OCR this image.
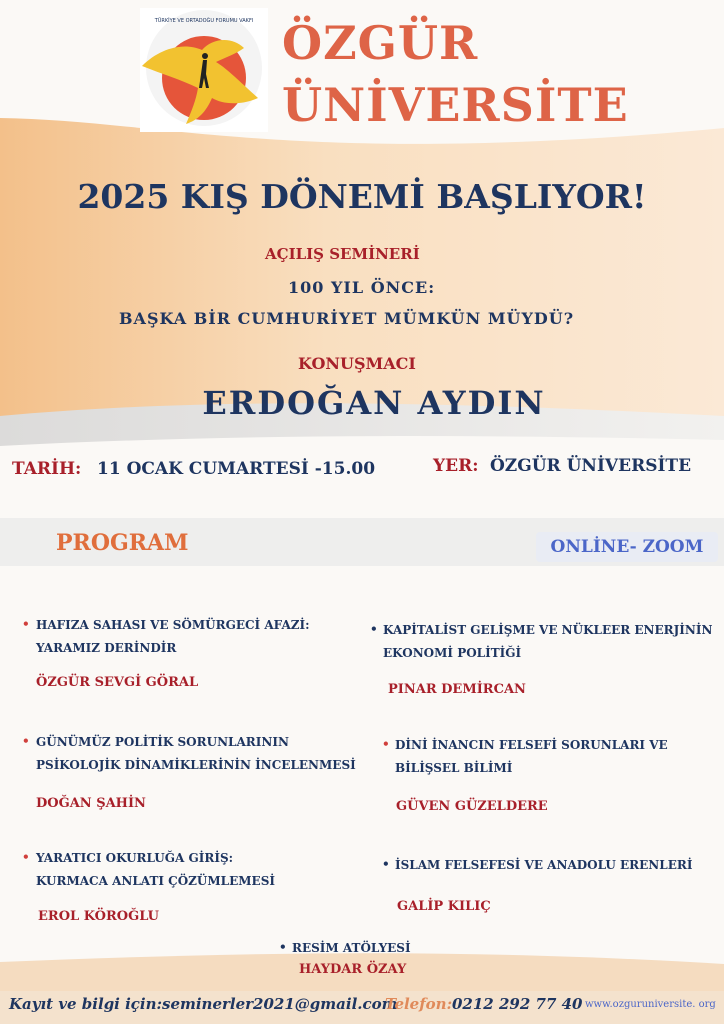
TÜRKİYE VE ORTADOĞU FORUMU VAKFI ÖZGÜR
ÜNİVERSİTE
2025 KIŞ DÖNEMİ BAŞLIYOR!
AÇILIŞ SEMİNERİ
100 YIL ÖNCE:
BAŞKA BİR CUMHURİYET MÜMKÜN MÜYDÜ?
KONUŞMACI
ERDOĞAN AYDIN
TARİH: 11 OCAK CUMARTESİ -15.00	YER: ÖZGÜR ÜNİVERSİTE
PROGRAM	ONLİNE- ZOOM
• HAFIZA SAHASI VE SÖMÜRGECİ AFAZİ:
YARAMIZ DERİNDİR
ÖZGÜR SEVGİ GÖRAL
• KAPİTALİST GELİŞME VE NÜKLEER ENERJİNİN
EKONOMİ POLİTİĞİ
PINAR DEMİRCAN
• GÜNÜMÜZ POLİTİK SORUNLARININ
PSİKOLOJİK DİNAMİKLERİNİN İNCELENMESİ
DOĞAN ŞAHİN
• DİNİ İNANCIN FELSEFİ SORUNLARI VE
BİLİŞSEL BİLİMİ
GÜVEN GÜZELDERE
• YARATICI OKURLUĞA GİRİŞ:
KURMACA ANLATI ÇÖZÜMLEMESİ
EROL KÖROĞLU
• İSLAM FELSEFESİ VE ANADOLU ERENLERİ
GALİP KILIÇ
• RESİM ATÖLYESİ
HAYDAR ÖZAY
Kayıt ve bilgi için: seminerler2021@gmail.com
Telefon: 0212 292 77 40 www.ozguruniversite. org
